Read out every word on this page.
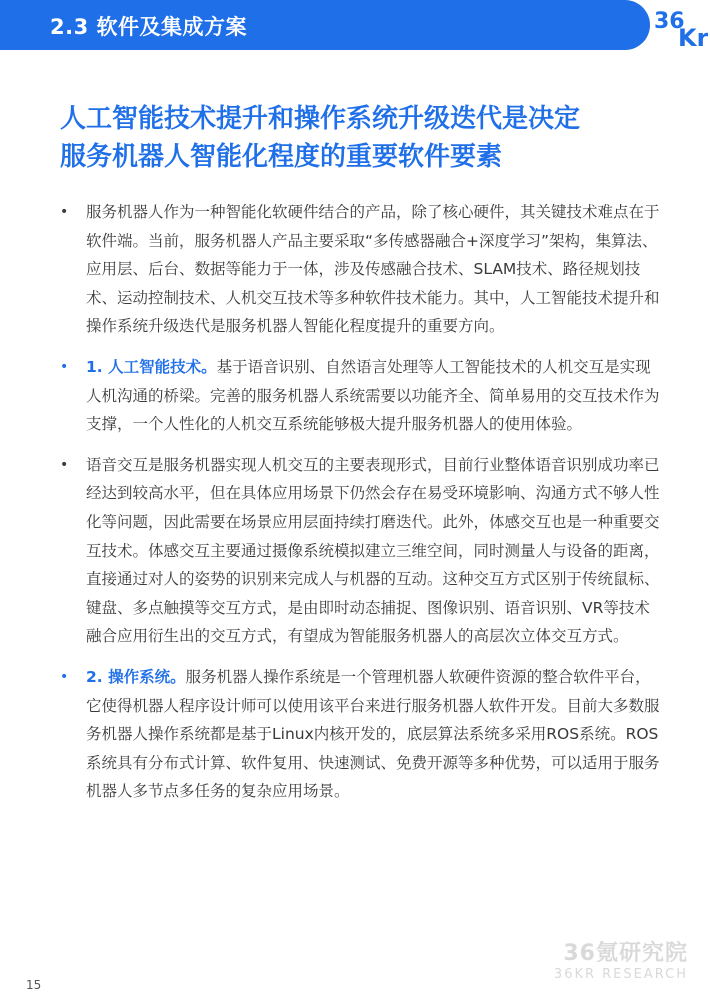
2.3 软件及集成方案	36
Kr
人工智能技术提升和操作系统升级迭代是决定
服务机器人智能化程度的重要软件要素
• 服务机器人作为一种智能化软硬件结合的产品，除了核心硬件，其关键技术难点在于软件端。当前，服务机器人产品主要采取“多传感器融合+深度学习”架构，集算法、应用层、后台、数据等能力于一体，涉及传感融合技术、SLAM技术、路径规划技术、运动控制技术、人机交互技术等多种软件技术能力。其中，人工智能技术提升和操作系统升级迭代是服务机器人智能化程度提升的重要方向。
• 1. 人工智能技术。基于语音识别、自然语言处理等人工智能技术的人机交互是实现人机沟通的桥梁。完善的服务机器人系统需要以功能齐全、简单易用的交互技术作为支撑，一个人性化的人机交互系统能够极大提升服务机器人的使用体验。
• 语音交互是服务机器实现人机交互的主要表现形式，目前行业整体语音识别成功率已经达到较高水平，但在具体应用场景下仍然会存在易受环境影响、沟通方式不够人性化等问题，因此需要在场景应用层面持续打磨迭代。此外，体感交互也是一种重要交互技术。体感交互主要通过摄像系统模拟建立三维空间，同时测量人与设备的距离，直接通过对人的姿势的识别来完成人与机器的互动。这种交互方式区别于传统鼠标、键盘、多点触摸等交互方式，是由即时动态捕捉、图像识别、语音识别、VR等技术融合应用衍生出的交互方式，有望成为智能服务机器人的高层次立体交互方式。
• 2. 操作系统。服务机器人操作系统是一个管理机器人软硬件资源的整合软件平台，它使得机器人程序设计师可以使用该平台来进行服务机器人软件开发。目前大多数服务机器人操作系统都是基于Linux内核开发的，底层算法系统多采用ROS系统。ROS系统具有分布式计算、软件复用、快速测试、免费开源等多种优势，可以适用于服务机器人多节点多任务的复杂应用场景。
36氪研究院
36KR RESEARCH
15
